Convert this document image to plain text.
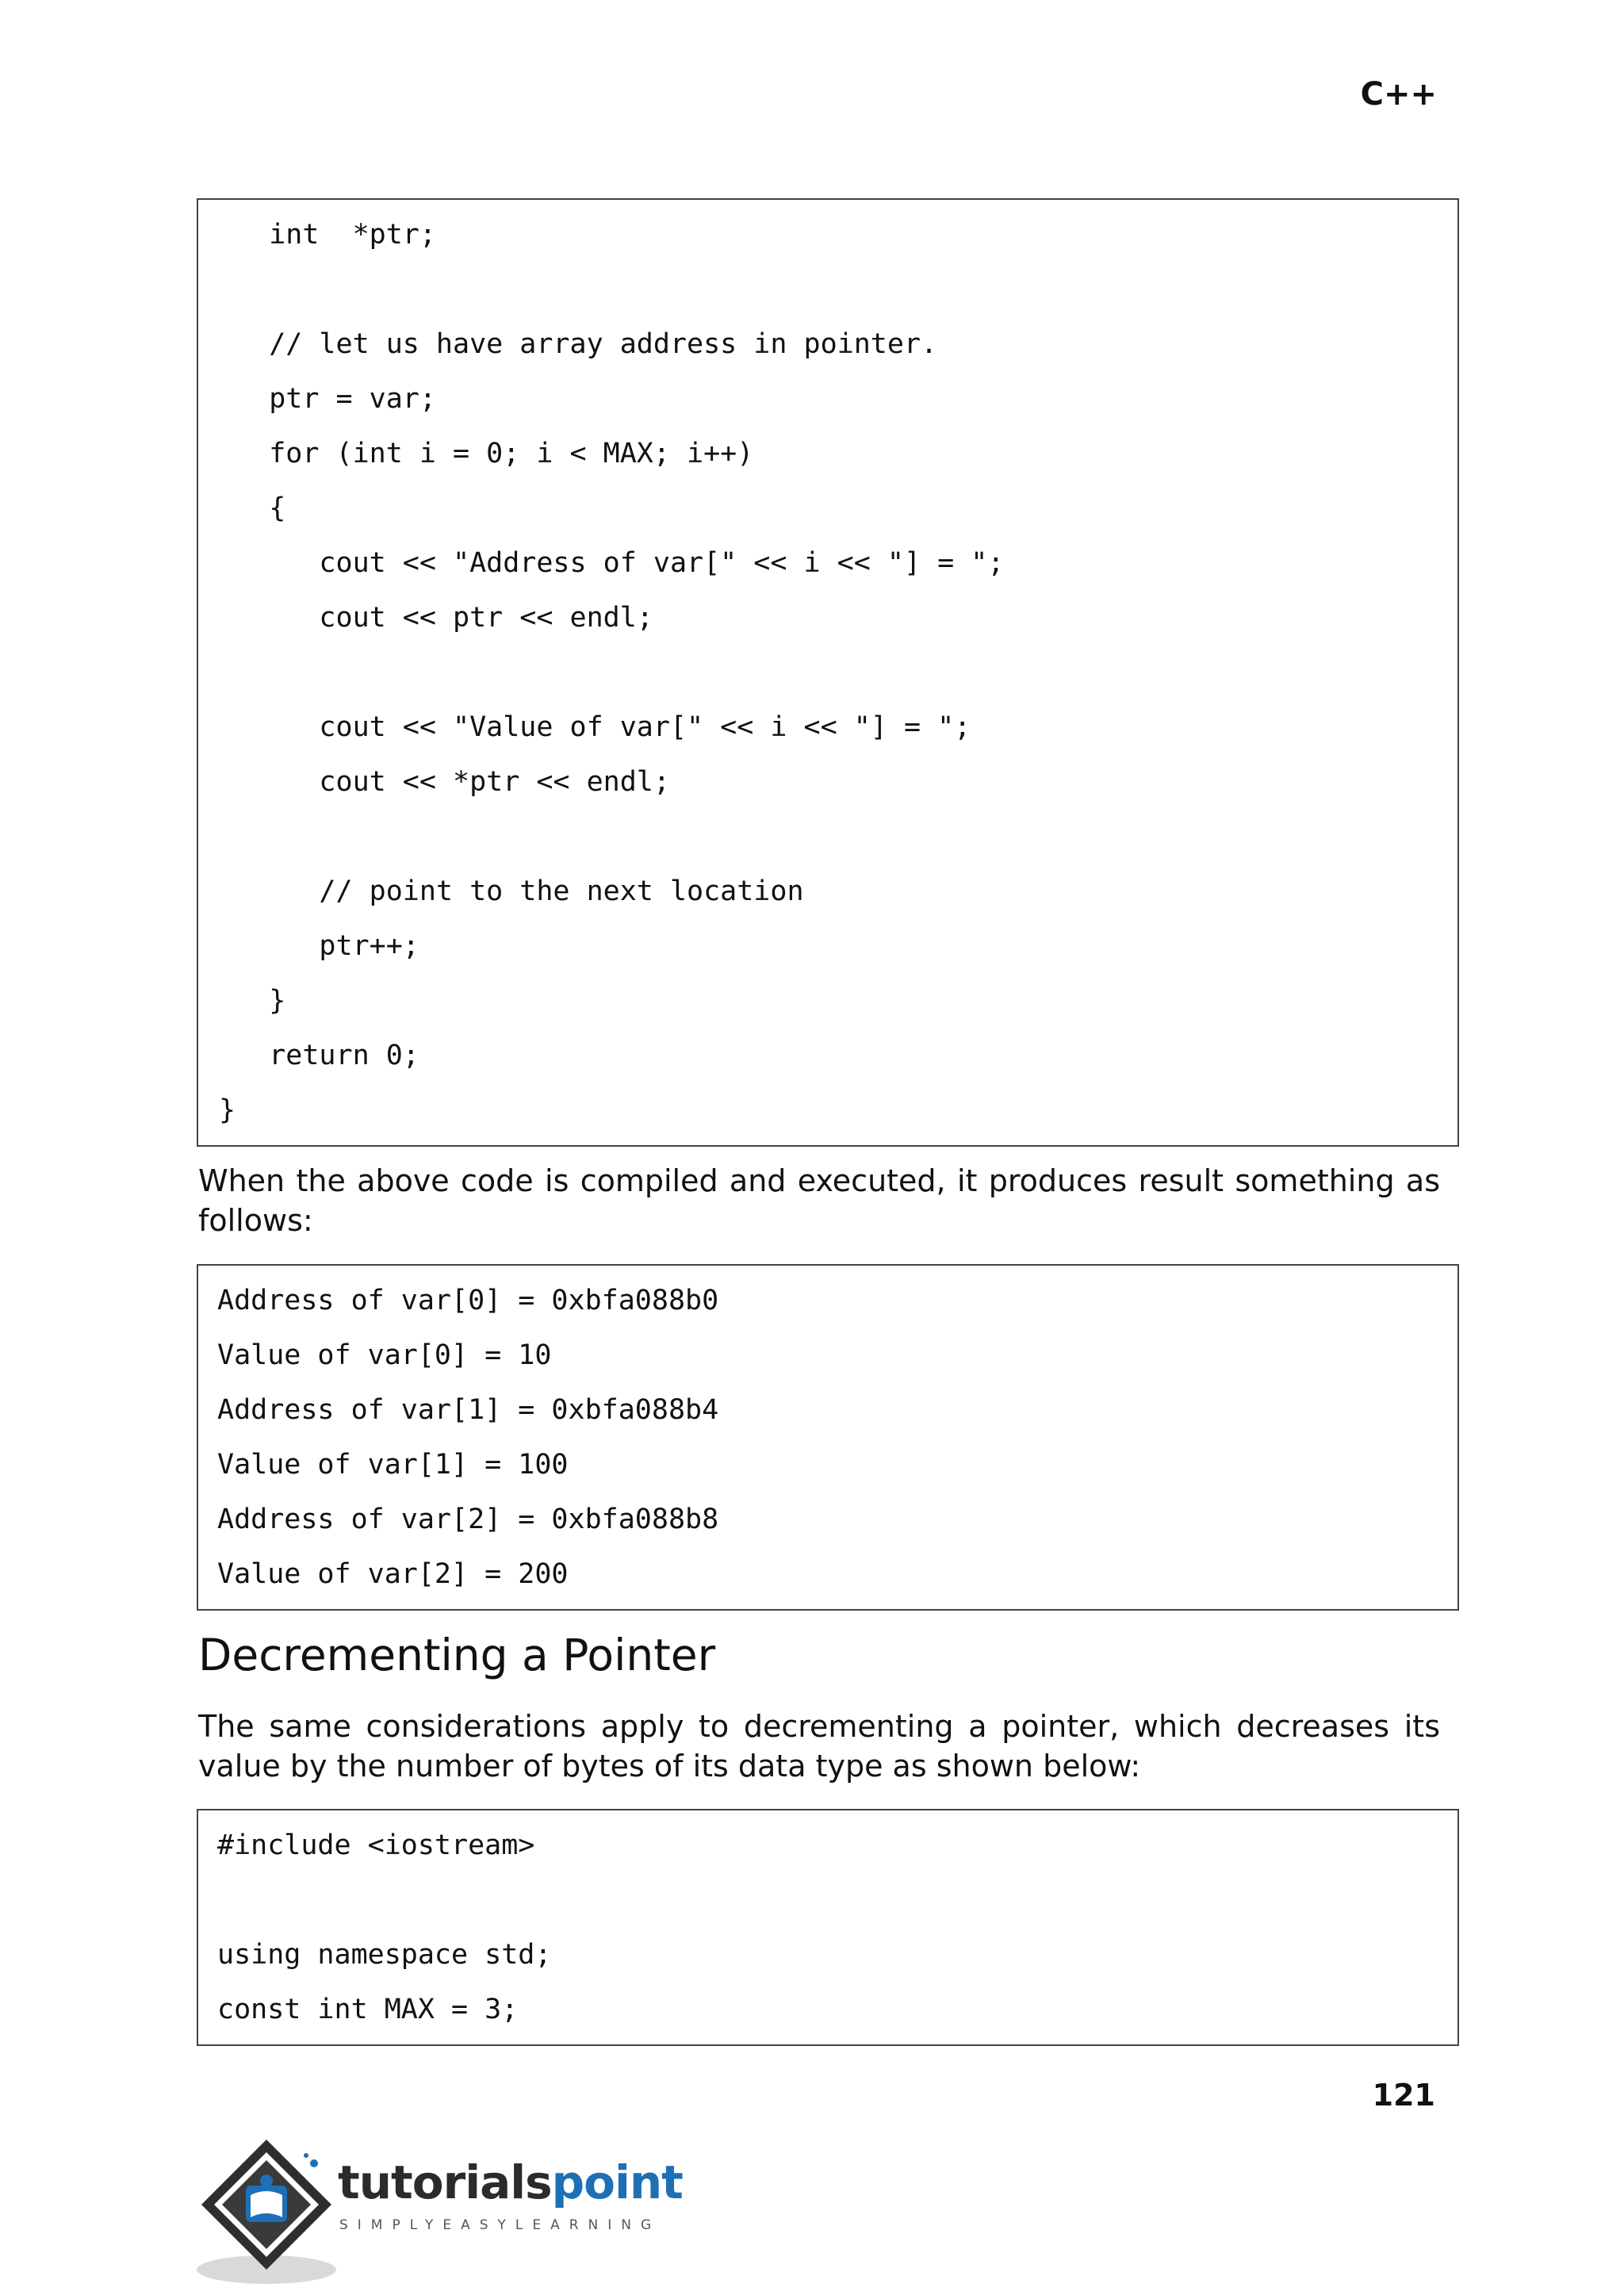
C++
int  *ptr;
// let us have array address in pointer.
ptr = var;
for (int i = 0; i < MAX; i++)
{
cout << "Address of var[" << i << "] = ";
cout << ptr << endl;
cout << "Value of var[" << i << "] = ";
cout << *ptr << endl;
// point to the next location
ptr++;
}
return 0;
}
When the above code is compiled and executed, it produces result something as follows:
Address of var[0] = 0xbfa088b0
Value of var[0] = 10
Address of var[1] = 0xbfa088b4
Value of var[1] = 100
Address of var[2] = 0xbfa088b8
Value of var[2] = 200
Decrementing a Pointer
The same considerations apply to decrementing a pointer, which decreases its value by the number of bytes of its data type as shown below:
#include <iostream>
using namespace std;
const int MAX = 3;
121
tutorialspoint
SIMPLYEASYLEARNING
